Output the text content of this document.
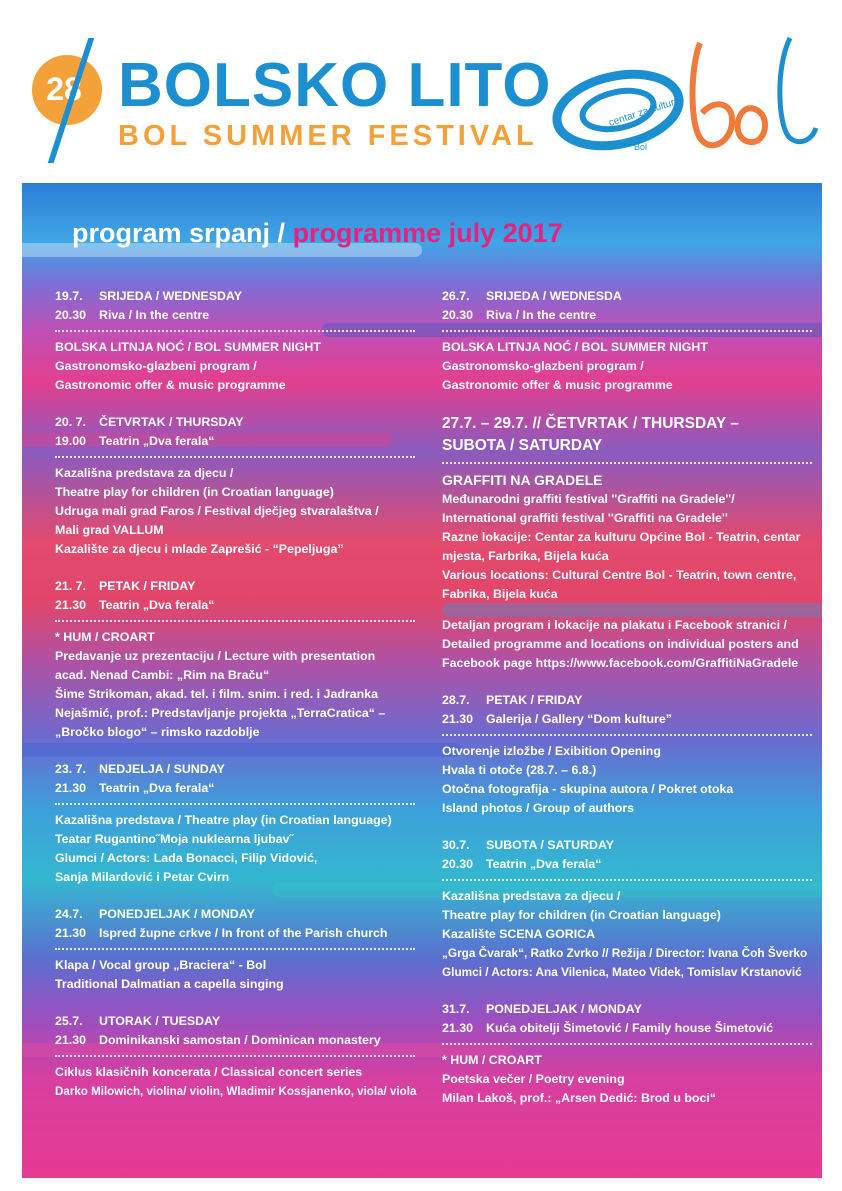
28 BOLSKO LITO
BOL SUMMER FESTIVAL
centar za kulturu
Bol
program srpanj / programme july 2017
19.7. SRIJEDA / WEDNESDAY
20.30 Riva / In the centre
BOLSKA LITNJA NOĆ / BOL SUMMER NIGHT
Gastronomsko-glazbeni program /
Gastronomic offer & music programme
20. 7. ČETVRTAK / THURSDAY
19.00 Teatrin „Dva ferala“
Kazališna predstava za djecu /
Theatre play for children (in Croatian language)
Udruga mali grad Faros / Festival dječjeg stvaralaštva /
Mali grad VALLUM
Kazalište za djecu i mlade Zaprešić - “Pepeljuga”
21. 7. PETAK / FRIDAY
21.30 Teatrin „Dva ferala“
* HUM / CROART
Predavanje uz prezentaciju / Lecture with presentation
acad. Nenad Cambi: „Rim na Braču“
Šime Strikoman, akad. tel. i film. snim. i red. i Jadranka
Nejašmić, prof.: Predstavljanje projekta „TerraCratica“ –
„Bročko blogo“ – rimsko razdoblje
23. 7. NEDJELJA / SUNDAY
21.30 Teatrin „Dva ferala“
Kazališna predstava / Theatre play (in Croatian language)
Teatar Rugantino˝Moja nuklearna ljubav˝
Glumci / Actors: Lada Bonacci, Filip Vidović,
Sanja Milardović i Petar Cvirn
24.7. PONEDJELJAK / MONDAY
21.30 Ispred župne crkve / In front of the Parish church
Klapa / Vocal group „Braciera“ - Bol
Traditional Dalmatian a capella singing
25.7. UTORAK / TUESDAY
21.30 Dominikanski samostan / Dominican monastery
Ciklus klasičnih koncerata / Classical concert series
Darko Milowich, violina/ violin, Wladimir Kossjanenko, viola/ viola
26.7. SRIJEDA / WEDNESDA
20.30 Riva / In the centre
BOLSKA LITNJA NOĆ / BOL SUMMER NIGHT
Gastronomsko-glazbeni program /
Gastronomic offer & music programme
27.7. – 29.7. // ČETVRTAK / THURSDAY –
SUBOTA / SATURDAY
GRAFFITI NA GRADELE
Međunarodni graffiti festival ''Graffiti na Gradele''/
International graffiti festival ''Graffiti na Gradele''
Razne lokacije: Centar za kulturu Općine Bol - Teatrin, centar
mjesta, Farbrika, Bijela kuća
Various locations: Cultural Centre Bol - Teatrin, town centre,
Fabrika, Bijela kuća
Detaljan program i lokacije na plakatu i Facebook stranici /
Detailed programme and locations on individual posters and
Facebook page https://www.facebook.com/GraffitiNaGradele
28.7. PETAK / FRIDAY
21.30 Galerija / Gallery “Dom kulture”
Otvorenje izložbe / Exibition Opening
Hvala ti otoče (28.7. – 6.8.)
Otočna fotografija - skupina autora / Pokret otoka
Island photos / Group of authors
30.7. SUBOTA / SATURDAY
20.30 Teatrin „Dva ferala“
Kazališna predstava za djecu /
Theatre play for children (in Croatian language)
Kazalište SCENA GORICA
„Grga Čvarak“, Ratko Zvrko // Režija / Director: Ivana Čoh Šverko
Glumci / Actors: Ana Vilenica, Mateo Videk, Tomislav Krstanović
31.7. PONEDJELJAK / MONDAY
21.30 Kuća obitelji Šimetović / Family house Šimetović
* HUM / CROART
Poetska večer / Poetry evening
Milan Lakoš, prof.: „Arsen Dedić: Brod u boci“
